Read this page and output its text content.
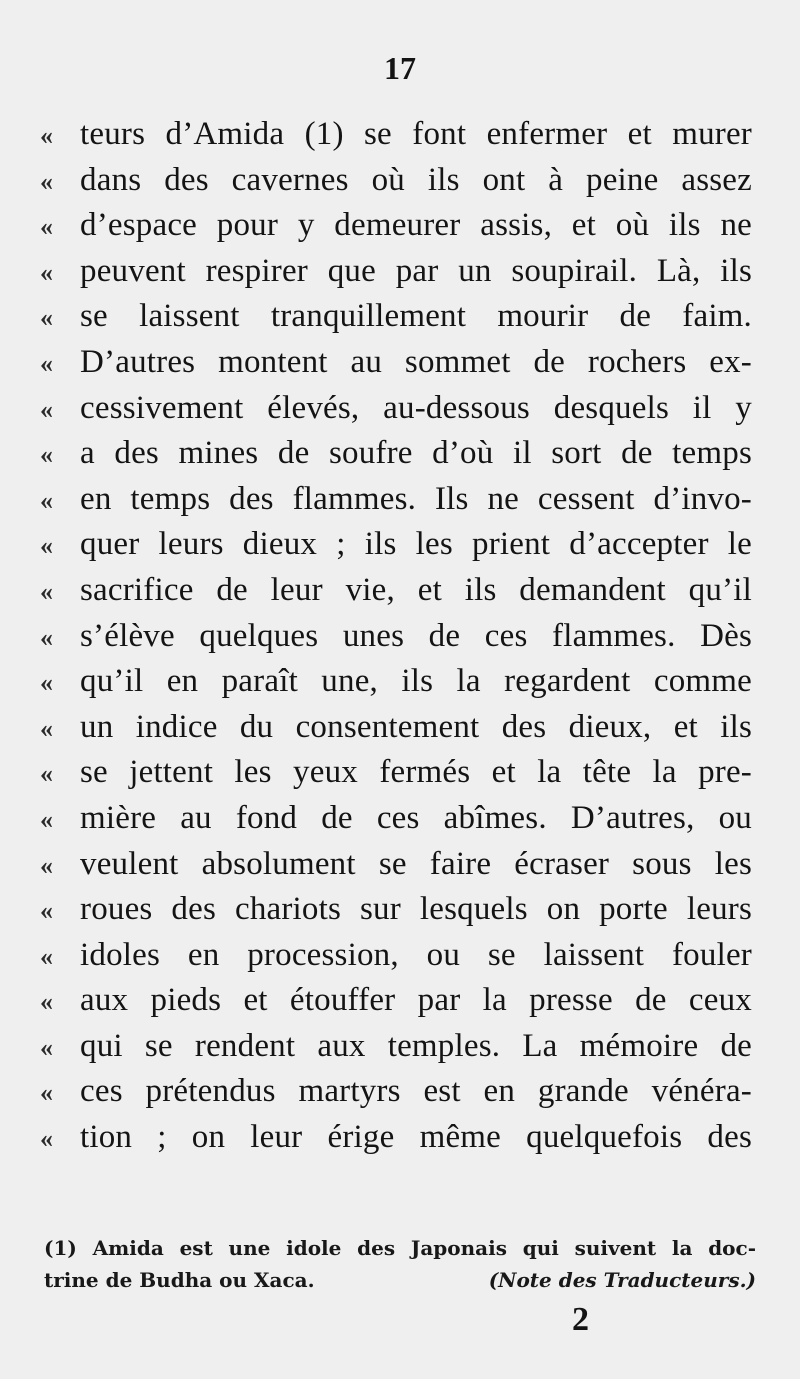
17
« teurs d’Amida (1) se font enfermer et murer
« dans des cavernes où ils ont à peine assez
« d’espace pour y demeurer assis, et où ils ne
« peuvent respirer que par un soupirail. Là, ils
« se laissent tranquillement mourir de faim.
« D’autres montent au sommet de rochers ex-
« cessivement élevés, au-dessous desquels il y
« a des mines de soufre d’où il sort de temps
« en temps des flammes. Ils ne cessent d’invo-
« quer leurs dieux ; ils les prient d’accepter le
« sacrifice de leur vie, et ils demandent qu’il
« s’élève quelques unes de ces flammes. Dès
« qu’il en paraît une, ils la regardent comme
« un indice du consentement des dieux, et ils
« se jettent les yeux fermés et la tête la pre-
« mière au fond de ces abîmes. D’autres, ou
« veulent absolument se faire écraser sous les
« roues des chariots sur lesquels on porte leurs
« idoles en procession, ou se laissent fouler
« aux pieds et étouffer par la presse de ceux
« qui se rendent aux temples. La mémoire de
« ces prétendus martyrs est en grande vénéra-
« tion ; on leur érige même quelquefois des
(1) Amida est une idole des Japonais qui suivent la doc-
trine de Budha ou Xaca.	(Note des Traducteurs.)
2
